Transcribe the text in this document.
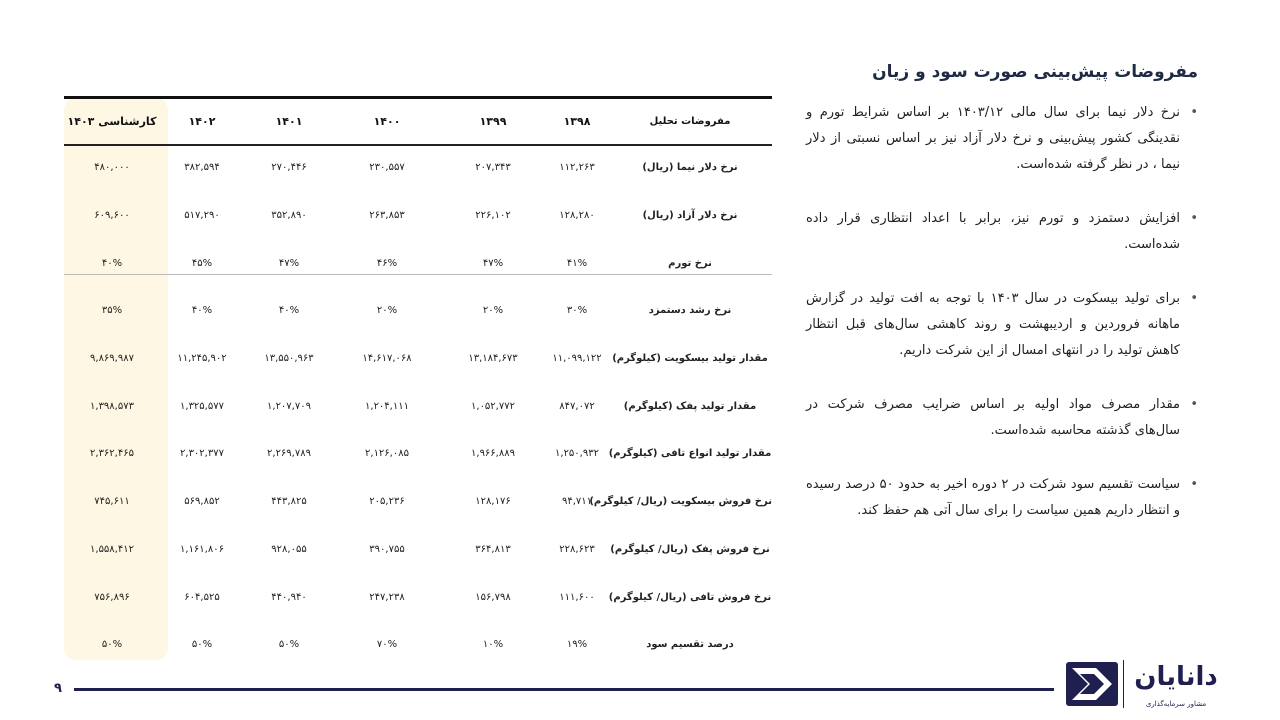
مفروضات پیش‌بینی صورت سود و زیان
• نرخ دلار نیما برای سال مالی ۱۴۰۳/۱۲ بر اساس شرایط تورم و نقدینگی کشور پیش‌بینی و نرخ دلار آزاد نیز بر اساس نسبتی از دلار نیما ، در نظر گرفته شده‌است.
• افزایش دستمزد و تورم نیز، برابر با اعداد انتظاری قرار داده شده‌است.
• برای تولید بیسکوت در سال ۱۴۰۳ با توجه به افت تولید در گزارش ماهانه فروردین و اردیبهشت و روند کاهشی سال‌های قبل انتظار کاهش تولید را در انتهای امسال از این شرکت داریم.
• مقدار مصرف مواد اولیه بر اساس ضرایب مصرف شرکت در سال‌های گذشته محاسبه شده‌است.
• سیاست تقسیم سود شرکت در ۲ دوره اخیر به حدود ۵۰ درصد رسیده و انتظار داریم همین سیاست را برای سال آتی هم حفظ کند.
مفروضات تحلیل	۱۳۹۸	۱۳۹۹	۱۴۰۰	۱۴۰۱	۱۴۰۲	کارشناسی ۱۴۰۳
نرخ دلار نیما (ریال)	۱۱۲,۲۶۳	۲۰۷,۳۴۳	۲۳۰,۵۵۷	۲۷۰,۴۴۶	۳۸۲,۵۹۴	۴۸۰,۰۰۰
نرخ دلار آزاد (ریال)	۱۲۸,۲۸۰	۲۲۶,۱۰۲	۲۶۳,۸۵۳	۳۵۲,۸۹۰	۵۱۷,۲۹۰	۶۰۹,۶۰۰
نرخ تورم	۴۱%	۴۷%	۴۶%	۴۷%	۴۵%	۴۰%
نرخ رشد دستمزد	۳۰%	۲۰%	۲۰%	۴۰%	۴۰%	۳۵%
مقدار تولید بیسکویت (کیلوگرم)	۱۱,۰۹۹,۱۲۲	۱۳,۱۸۴,۶۷۳	۱۴,۶۱۷,۰۶۸	۱۳,۵۵۰,۹۶۳	۱۱,۲۴۵,۹۰۲	۹,۸۶۹,۹۸۷
مقدار تولید پفک (کیلوگرم)	۸۴۷,۰۷۲	۱,۰۵۲,۷۷۲	۱,۲۰۴,۱۱۱	۱,۲۰۷,۷۰۹	۱,۳۲۵,۵۷۷	۱,۳۹۸,۵۷۳
مقدار تولید انواع تافی (کیلوگرم)	۱,۲۵۰,۹۳۲	۱,۹۶۶,۸۸۹	۲,۱۲۶,۰۸۵	۲,۲۶۹,۷۸۹	۲,۳۰۲,۳۷۷	۲,۳۶۲,۴۶۵
نرخ فروش بیسکویت (ریال/ کیلوگرم)	۹۴,۷۱۱	۱۲۸,۱۷۶	۲۰۵,۲۳۶	۴۴۳,۸۲۵	۵۶۹,۸۵۲	۷۴۵,۶۱۱
نرخ فروش پفک (ریال/ کیلوگرم)	۲۲۸,۶۲۳	۳۶۴,۸۱۳	۳۹۰,۷۵۵	۹۲۸,۰۵۵	۱,۱۶۱,۸۰۶	۱,۵۵۸,۴۱۲
نرخ فروش تافی (ریال/ کیلوگرم)	۱۱۱,۶۰۰	۱۵۶,۷۹۸	۲۴۷,۲۳۸	۴۴۰,۹۴۰	۶۰۴,۵۲۵	۷۵۶,۸۹۶
درصد تقسیم سود	۱۹%	۱۰%	۷۰%	۵۰%	۵۰%	۵۰%
۹	دانایان
مشاور سرمایه‌گذاری
